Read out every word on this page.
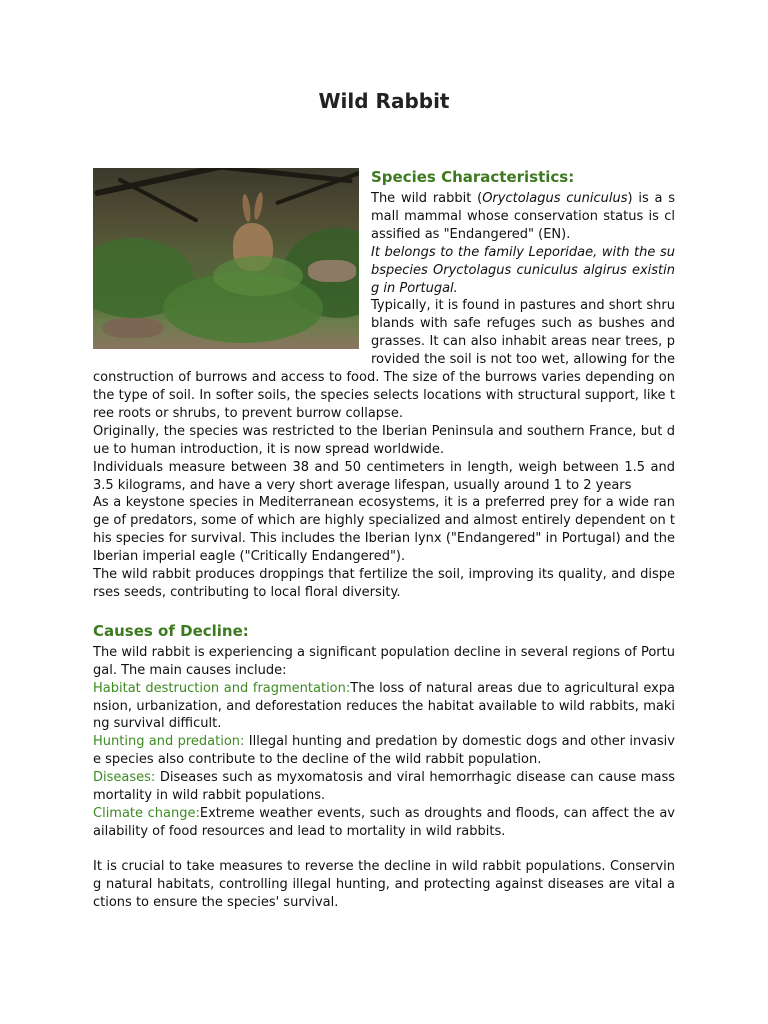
Wild Rabbit
Species Characteristics:

The wild rabbit (Oryctolagus cuniculus) is a small mammal whose conservation status is classified as "Endangered" (EN).

It belongs to the family Leporidae, with the subspecies Oryctolagus cuniculus algirus existing in Portugal.

Typically, it is found in pastures and short shrublands with safe refuges such as bushes and grasses. It can also inhabit areas near trees, provided the soil is not too wet, allowing for the construction of burrows and access to food. The size of the burrows varies depending on the type of soil. In softer soils, the species selects locations with structural support, like tree roots or shrubs, to prevent burrow collapse.

Originally, the species was restricted to the Iberian Peninsula and southern France, but due to human introduction, it is now spread worldwide.

Individuals measure between 38 and 50 centimeters in length, weigh between 1.5 and 3.5 kilograms, and have a very short average lifespan, usually around 1 to 2 years

As a keystone species in Mediterranean ecosystems, it is a preferred prey for a wide range of predators, some of which are highly specialized and almost entirely dependent on this species for survival. This includes the Iberian lynx ("Endangered" in Portugal) and the Iberian imperial eagle ("Critically Endangered").

The wild rabbit produces droppings that fertilize the soil, improving its quality, and disperses seeds, contributing to local floral diversity.

Causes of Decline:

The wild rabbit is experiencing a significant population decline in several regions of Portugal. The main causes include:

Habitat destruction and fragmentation:The loss of natural areas due to agricultural expansion, urbanization, and deforestation reduces the habitat available to wild rabbits, making survival difficult.

Hunting and predation: Illegal hunting and predation by domestic dogs and other invasive species also contribute to the decline of the wild rabbit population.

Diseases: Diseases such as myxomatosis and viral hemorrhagic disease can cause mass mortality in wild rabbit populations.

Climate change:Extreme weather events, such as droughts and floods, can affect the availability of food resources and lead to mortality in wild rabbits.

It is crucial to take measures to reverse the decline in wild rabbit populations. Conserving natural habitats, controlling illegal hunting, and protecting against diseases are vital actions to ensure the species' survival.
